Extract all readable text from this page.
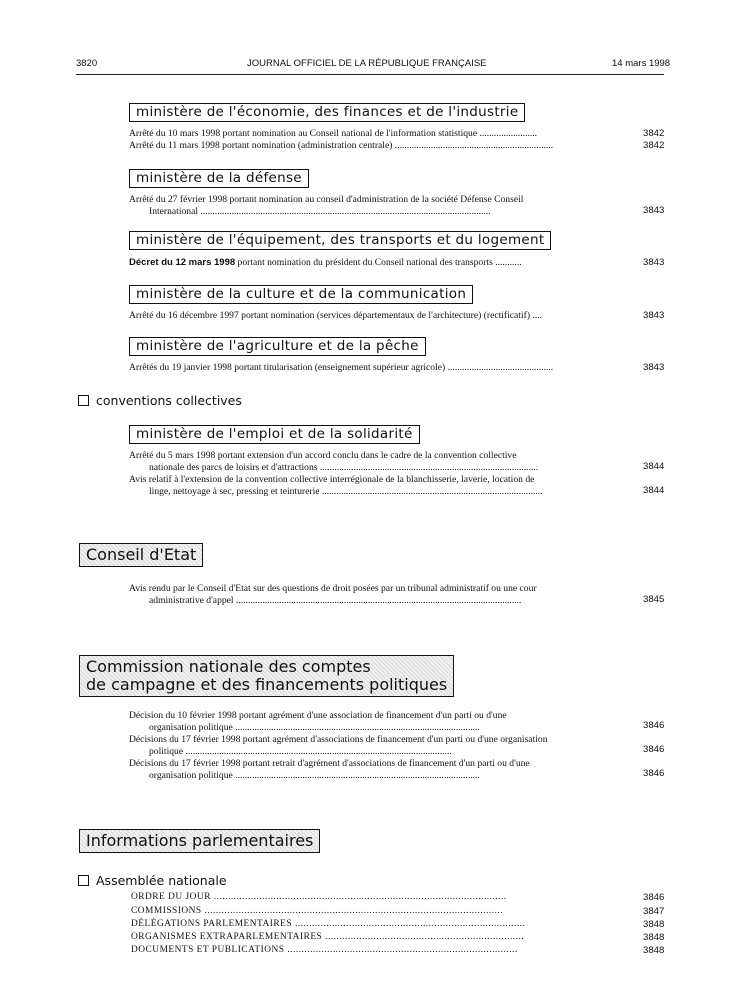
3820	JOURNAL OFFICIEL DE LA RÉPUBLIQUE FRANÇAISE	14 mars 1998
ministère de l'économie, des finances et de l'industrie
Arrêté du 10 mars 1998 portant nomination au Conseil national de l'information statistique ........................	3842
Arrêté du 11 mars 1998 portant nomination (administration centrale) ..................................................................	3842
ministère de la défense
Arrêté du 27 février 1998 portant nomination au conseil d'administration de la société Défense Conseil
International .........................................................................................................................	3843
ministère de l'équipement, des transports et du logement
Décret du 12 mars 1998 portant nomination du président du Conseil national des transports ...........	3843
ministère de la culture et de la communication
Arrêté du 16 décembre 1997 portant nomination (services départementaux de l'architecture) (rectificatif) ....	3843
ministère de l'agriculture et de la pêche
Arrêtés du 19 janvier 1998 portant titularisation (enseignement supérieur agricole) ............................................	3843
conventions collectives
ministère de l'emploi et de la solidarité
Arrêté du 5 mars 1998 portant extension d'un accord conclu dans le cadre de la convention collective
nationale des parcs de loisirs et d'attractions ...........................................................................................	3844
Avis relatif à l'extension de la convention collective interrégionale de la blanchisserie, laverie, location de
linge, nettoyage à sec, pressing et teinturerie ............................................................................................	3844
Conseil d'Etat
Avis rendu par le Conseil d'Etat sur des questions de droit posées par un tribunal administratif ou une cour
administrative d'appel .......................................................................................................................	3845
Commission nationale des comptes
de campagne et des financements politiques
Décision du 10 février 1998 portant agrément d'une association de financement d'un parti ou d'une
organisation politique ......................................................................................................	3846
Décisions du 17 février 1998 portant agrément d'associations de financement d'un parti ou d'une organisation
politique ...............................................................................................................	3846
Décisions du 17 février 1998 portant retrait d'agrément d'associations de financement d'un parti ou d'une
organisation politique ......................................................................................................	3846
Informations parlementaires
Assemblée nationale
ORDRE DU JOUR .......................................................................................................	3846
COMMISSIONS .........................................................................................................	3847
DÉLÉGATIONS PARLEMENTAIRES .................................................................................	3848
ORGANISMES EXTRAPARLEMENTAIRES ......................................................................	3848
DOCUMENTS ET PUBLICATIONS .................................................................................	3848
